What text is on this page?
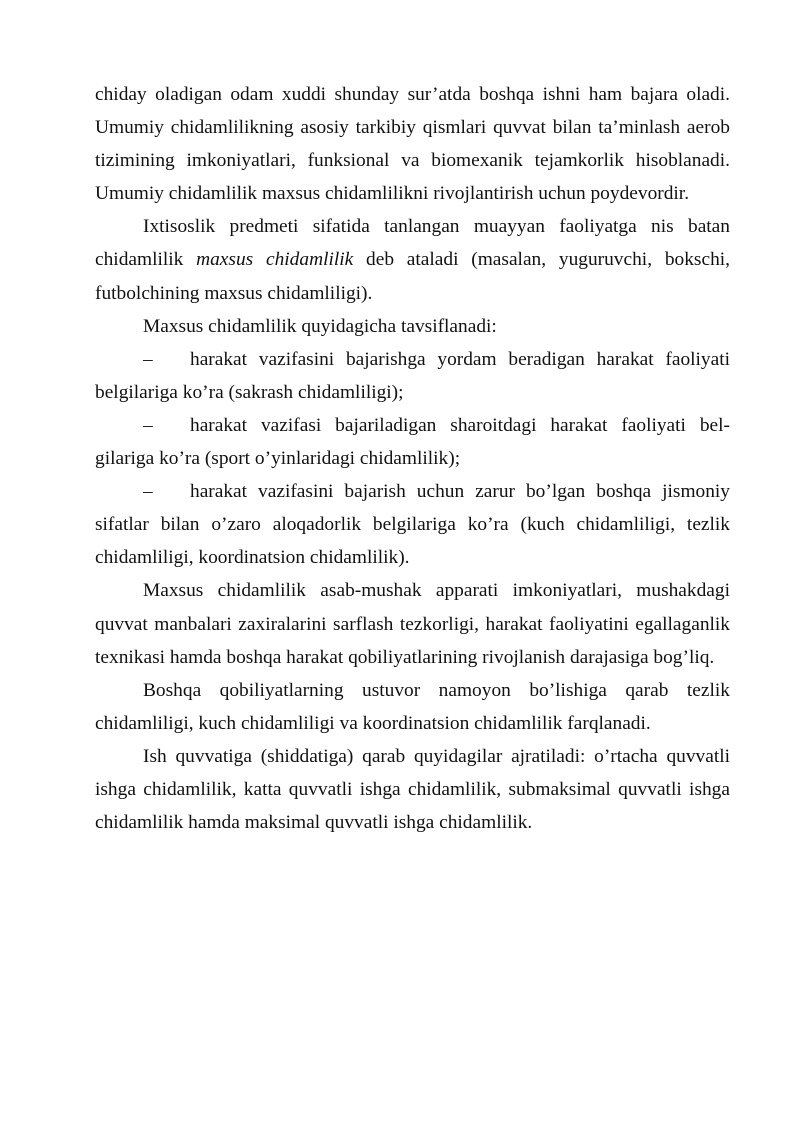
chiday oladigan odam xuddi shunday sur’atda boshqa ishni ham bajara oladi. Umumiy chidamlilikning asosiy tarkibiy qismlari quvvat bilan ta’minlash aerob tizimining imkoniyatlari, funksional va biomexanik tejamkorlik hisoblanadi. Umumiy chidamlilik maxsus chidamlilikni rivojlantirish uchun poydevordir.

Ixtisoslik predmeti sifatida tanlangan muayyan faoliyatga nis batan chidamlilik maxsus chidamlilik deb ataladi (masalan, yuguruvchi, bokschi, futbolchining maxsus chidamliligi).

Maxsus chidamlilik quyidagicha tavsiflanadi:

– harakat vazifasini bajarishga yordam beradigan harakat faoliyati belgilariga ko’ra (sakrash chidamliligi);

– harakat vazifasi bajariladigan sharoitdagi harakat faoliyati bel-gilariga ko’ra (sport o’yinlaridagi chidamlilik);

– harakat vazifasini bajarish uchun zarur bo’lgan boshqa jismoniy sifatlar bilan o’zaro aloqadorlik belgilariga ko’ra (kuch chidamliligi, tezlik chidamliligi, koordinatsion chidamlilik).

Maxsus chidamlilik asab-mushak apparati imkoniyatlari, mushakdagi quvvat manbalari zaxiralarini sarflash tezkorligi, harakat faoliyatini egallaganlik texnikasi hamda boshqa harakat qobiliyatlarining rivojlanish darajasiga bog’liq.

Boshqa qobiliyatlarning ustuvor namoyon bo’lishiga qarab tezlik chidamliligi, kuch chidamliligi va koordinatsion chidamlilik farqlanadi.

Ish quvvatiga (shiddatiga) qarab quyidagilar ajratiladi: o’rtacha quvvatli ishga chidamlilik, katta quvvatli ishga chidamlilik, submaksimal quvvatli ishga chidamlilik hamda maksimal quvvatli ishga chidamlilik.
